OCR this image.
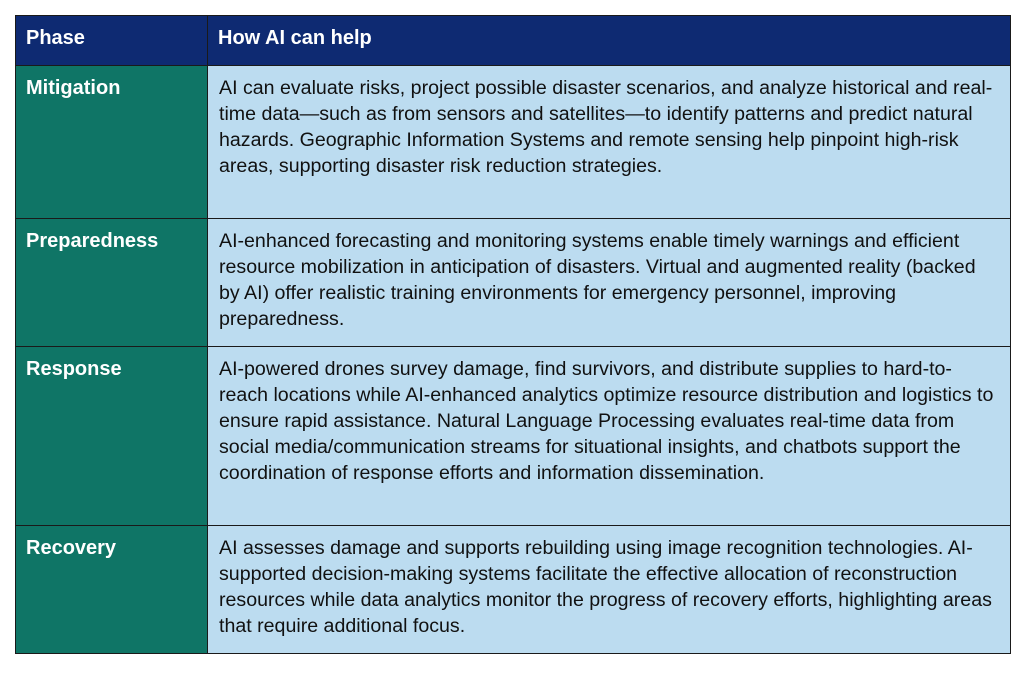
Phase	How AI can help
Mitigation	AI can evaluate risks, project possible disaster scenarios, and analyze historical and real-time data—such as from sensors and satellites—to identify patterns and predict natural hazards. Geographic Information Systems and remote sensing help pinpoint high-risk areas, supporting disaster risk reduction strategies.
Preparedness	AI-enhanced forecasting and monitoring systems enable timely warnings and efficient resource mobilization in anticipation of disasters. Virtual and augmented reality (backed by AI) offer realistic training environments for emergency personnel, improving preparedness.
Response	AI-powered drones survey damage, find survivors, and distribute supplies to hard-to-reach locations while AI-enhanced analytics optimize resource distribution and logistics to ensure rapid assistance. Natural Language Processing evaluates real-time data from social media/communication streams for situational insights, and chatbots support the coordination of response efforts and information dissemination.
Recovery	AI assesses damage and supports rebuilding using image recognition technologies. AI-supported decision-making systems facilitate the effective allocation of reconstruction resources while data analytics monitor the progress of recovery efforts, highlighting areas that require additional focus.
